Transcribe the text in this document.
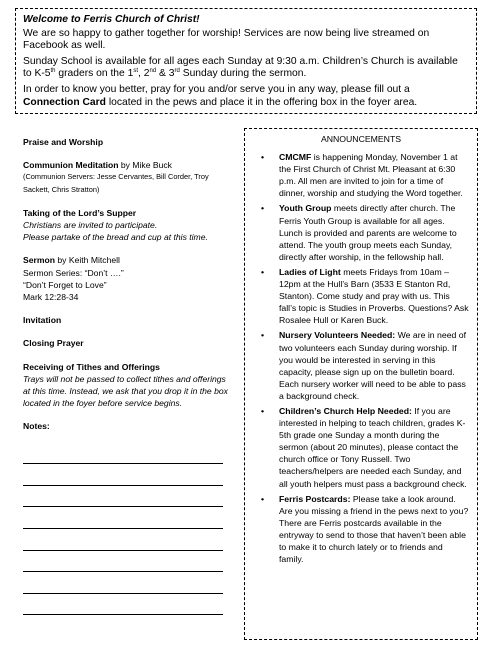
Welcome to Ferris Church of Christ!

We are so happy to gather together for worship! Services are now being live streamed on Facebook as well.

Sunday School is available for all ages each Sunday at 9:30 a.m. Children’s Church is available to K-5th graders on the 1st, 2nd & 3rd Sunday during the sermon.

In order to know you better, pray for you and/or serve you in any way, please fill out a Connection Card located in the pews and place it in the offering box in the foyer area.

Praise and Worship
Communion Meditation by Mike Buck
(Communion Servers: Jesse Cervantes, Bill Corder, Troy Sackett, Chris Stratton)
Taking of the Lord’s Supper
Christians are invited to participate.
Please partake of the bread and cup at this time.
Sermon by Keith Mitchell
Sermon Series: “Don’t ….”
“Don’t Forget to Love”
Mark 12:28-34
Invitation
Closing Prayer
Receiving of Tithes and Offerings
Trays will not be passed to collect tithes and offerings at this time. Instead, we ask that you drop it in the box located in the foyer before service begins.
Notes:
ANNOUNCEMENTS
• CMCMF is happening Monday, November 1 at the First Church of Christ Mt. Pleasant at 6:30 p.m. All men are invited to join for a time of dinner, worship and studying the Word together.
• Youth Group meets directly after church. The Ferris Youth Group is available for all ages. Lunch is provided and parents are welcome to attend. The youth group meets each Sunday, directly after worship, in the fellowship hall.
• Ladies of Light meets Fridays from 10am – 12pm at the Hull’s Barn (3533 E Stanton Rd, Stanton). Come study and pray with us. This fall’s topic is Studies in Proverbs. Questions? Ask Rosalee Hull or Karen Buck.
• Nursery Volunteers Needed: We are in need of two volunteers each Sunday during worship. If you would be interested in serving in this capacity, please sign up on the bulletin board. Each nursery worker will need to be able to pass a background check.
• Children’s Church Help Needed: If you are interested in helping to teach children, grades K-5th grade one Sunday a month during the sermon (about 20 minutes), please contact the church office or Tony Russell. Two teachers/helpers are needed each Sunday, and all youth helpers must pass a background check.
• Ferris Postcards: Please take a look around. Are you missing a friend in the pews next to you? There are Ferris postcards available in the entryway to send to those that haven’t been able to make it to church lately or to friends and family.
